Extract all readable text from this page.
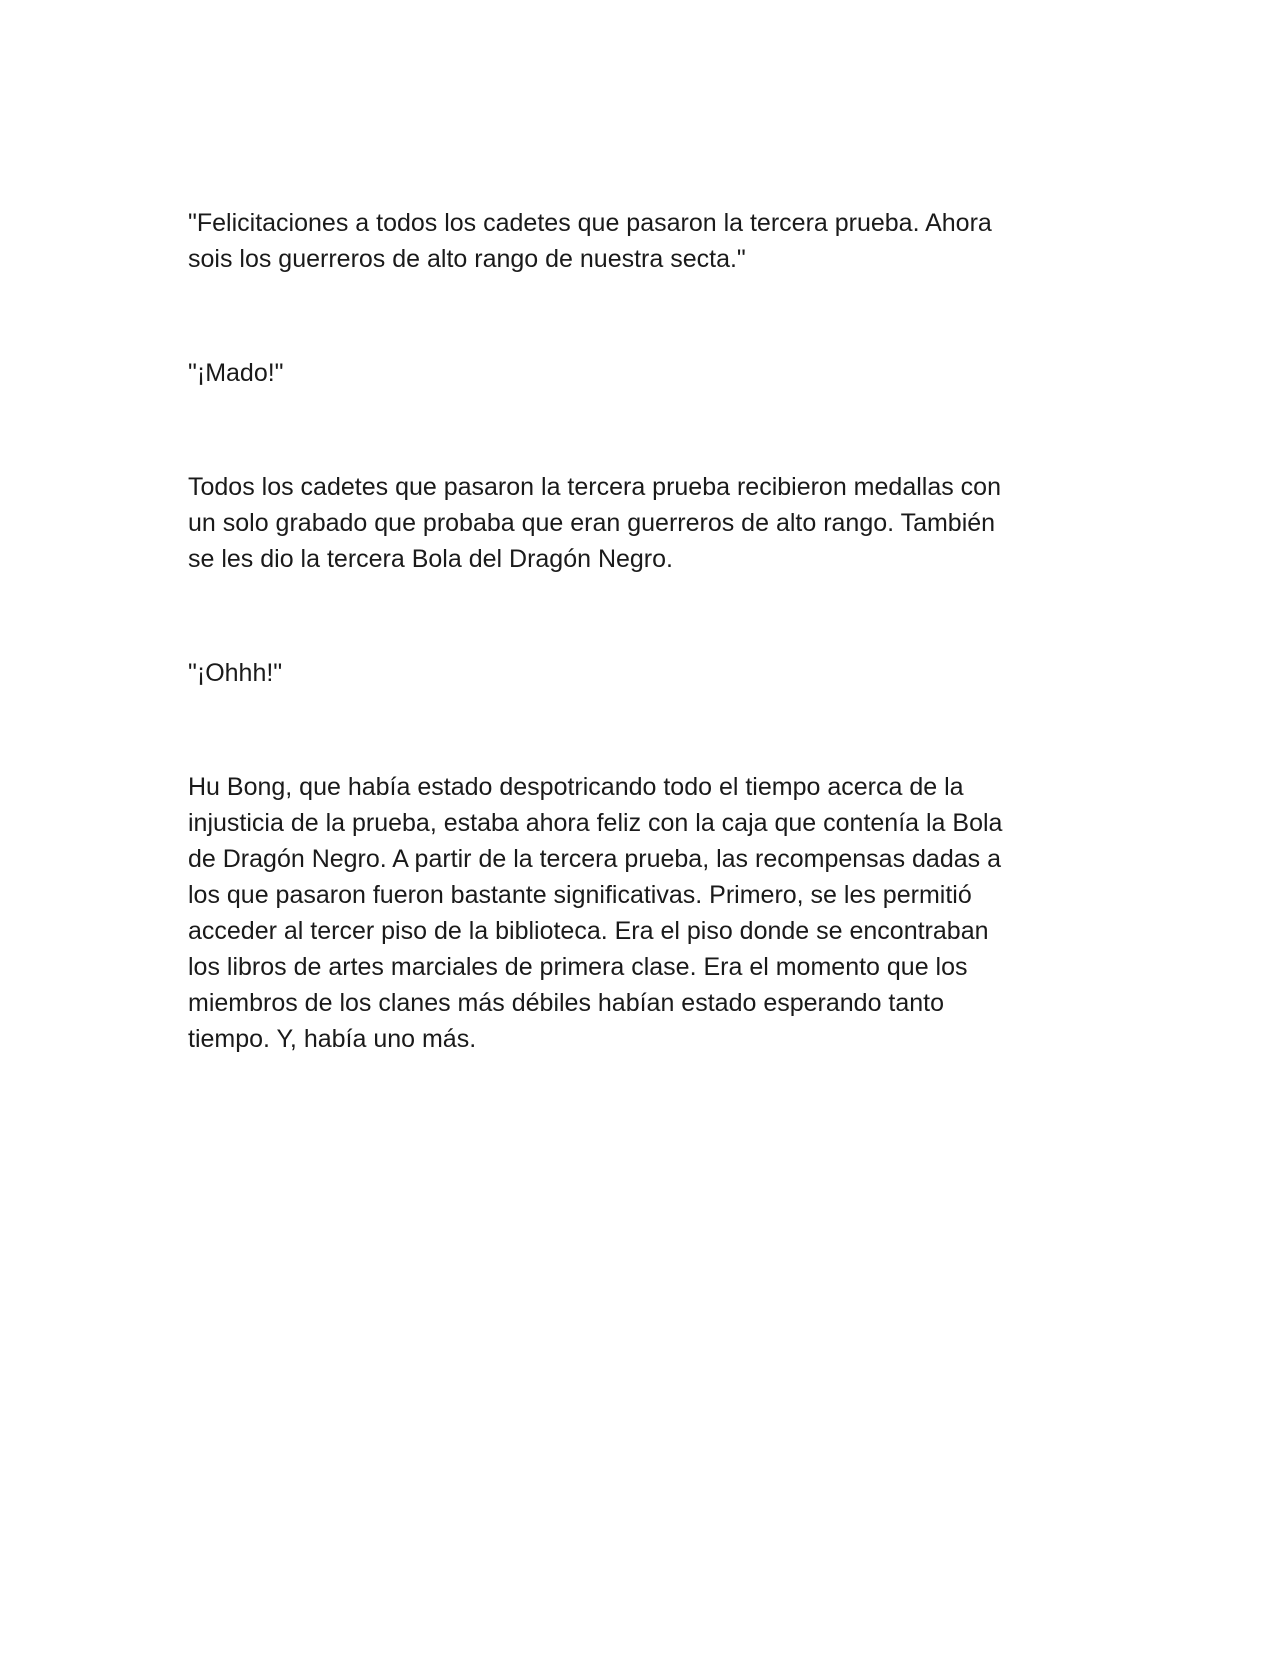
"Felicitaciones a todos los cadetes que pasaron la tercera prueba. Ahora
sois los guerreros de alto rango de nuestra secta."

"¡Mado!"

Todos los cadetes que pasaron la tercera prueba recibieron medallas con
un solo grabado que probaba que eran guerreros de alto rango. También
se les dio la tercera Bola del Dragón Negro.

"¡Ohhh!"

Hu Bong, que había estado despotricando todo el tiempo acerca de la
injusticia de la prueba, estaba ahora feliz con la caja que contenía la Bola
de Dragón Negro. A partir de la tercera prueba, las recompensas dadas a
los que pasaron fueron bastante significativas. Primero, se les permitió
acceder al tercer piso de la biblioteca. Era el piso donde se encontraban
los libros de artes marciales de primera clase. Era el momento que los
miembros de los clanes más débiles habían estado esperando tanto
tiempo. Y, había uno más.
